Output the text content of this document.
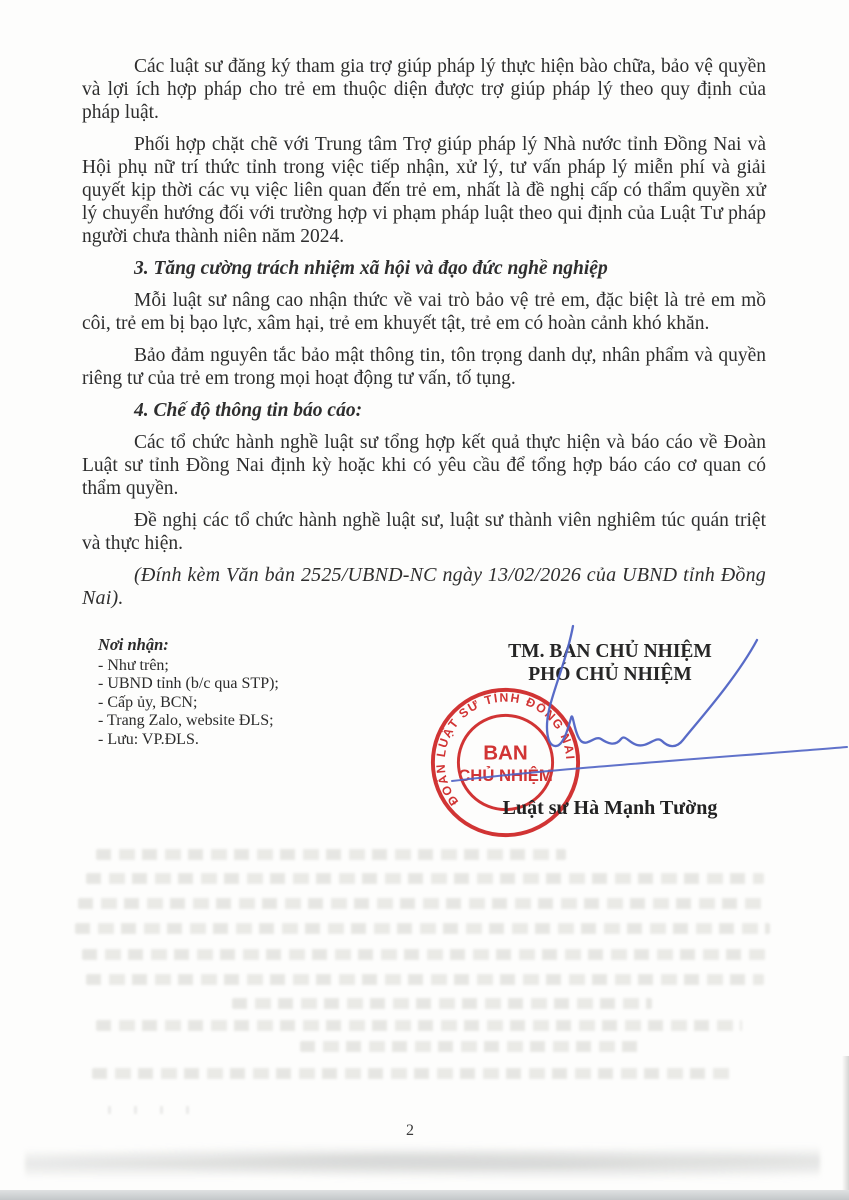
Các luật sư đăng ký tham gia trợ giúp pháp lý thực hiện bào chữa, bảo vệ quyền và lợi ích hợp pháp cho trẻ em thuộc diện được trợ giúp pháp lý theo quy định của pháp luật.

Phối hợp chặt chẽ với Trung tâm Trợ giúp pháp lý Nhà nước tỉnh Đồng Nai và Hội phụ nữ trí thức tỉnh trong việc tiếp nhận, xử lý, tư vấn pháp lý miễn phí và giải quyết kịp thời các vụ việc liên quan đến trẻ em, nhất là đề nghị cấp có thẩm quyền xử lý chuyển hướng đối với trường hợp vi phạm pháp luật theo qui định của Luật Tư pháp người chưa thành niên năm 2024.

3. Tăng cường trách nhiệm xã hội và đạo đức nghề nghiệp

Mỗi luật sư nâng cao nhận thức về vai trò bảo vệ trẻ em, đặc biệt là trẻ em mồ côi, trẻ em bị bạo lực, xâm hại, trẻ em khuyết tật, trẻ em có hoàn cảnh khó khăn.

Bảo đảm nguyên tắc bảo mật thông tin, tôn trọng danh dự, nhân phẩm và quyền riêng tư của trẻ em trong mọi hoạt động tư vấn, tố tụng.

4. Chế độ thông tin báo cáo:

Các tổ chức hành nghề luật sư tổng hợp kết quả thực hiện và báo cáo về Đoàn Luật sư tỉnh Đồng Nai định kỳ hoặc khi có yêu cầu để tổng hợp báo cáo cơ quan có thẩm quyền.

Đề nghị các tổ chức hành nghề luật sư, luật sư thành viên nghiêm túc quán triệt và thực hiện.

(Đính kèm Văn bản 2525/UBND-NC ngày 13/02/2026 của UBND tỉnh Đồng Nai).

Nơi nhận:
- Như trên;
- UBND tỉnh (b/c qua STP);
- Cấp ủy, BCN;
- Trang Zalo, website ĐLS;
- Lưu: VP.ĐLS.
TM. BAN CHỦ NHIỆM
PHÓ CHỦ NHIỆM
ĐOÀN LUẬT SƯ TỈNH ĐỒNG NAI
BAN
CHỦ NHIỆM
Luật sư Hà Mạnh Tường
2
